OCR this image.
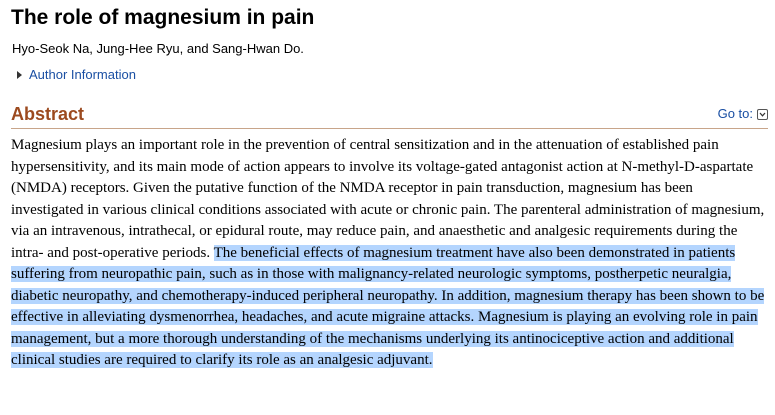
The role of magnesium in pain
Hyo-Seok Na, Jung-Hee Ryu, and Sang-Hwan Do.
Author Information
Abstract	Go to:

Magnesium plays an important role in the prevention of central sensitization and in the attenuation of established pain hypersensitivity, and its main mode of action appears to involve its voltage-gated antagonist action at N-methyl-D-aspartate (NMDA) receptors. Given the putative function of the NMDA receptor in pain transduction, magnesium has been investigated in various clinical conditions associated with acute or chronic pain. The parenteral administration of magnesium, via an intravenous, intrathecal, or epidural route, may reduce pain, and anaesthetic and analgesic requirements during the intra- and post-operative periods. The beneficial effects of magnesium treatment have also been demonstrated in patients suffering from neuropathic pain, such as in those with malignancy-related neurologic symptoms, postherpetic neuralgia, diabetic neuropathy, and chemotherapy-induced peripheral neuropathy. In addition, magnesium therapy has been shown to be effective in alleviating dysmenorrhea, headaches, and acute migraine attacks. Magnesium is playing an evolving role in pain management, but a more thorough understanding of the mechanisms underlying its antinociceptive action and additional clinical studies are required to clarify its role as an analgesic adjuvant.
